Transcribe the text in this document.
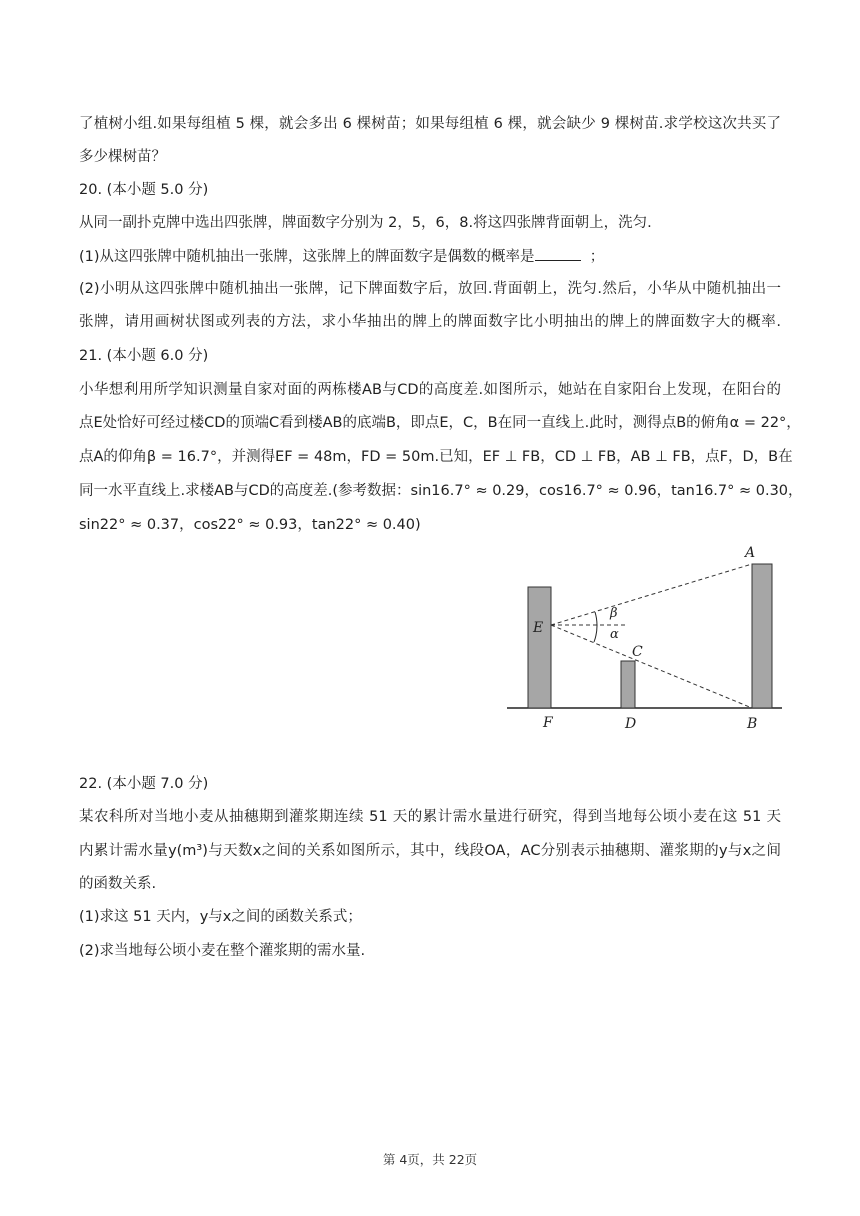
了植树小组.如果每组植 5 棵，就会多出 6 棵树苗；如果每组植 6 棵，就会缺少 9 棵树苗.求学校这次共买了
多少棵树苗？
20. (本小题 5.0 分)
从同一副扑克牌中选出四张牌，牌面数字分别为 2，5，6，8.将这四张牌背面朝上，洗匀.
(1)从这四张牌中随机抽出一张牌，这张牌上的牌面数字是偶数的概率是	；
(2)小明从这四张牌中随机抽出一张牌，记下牌面数字后，放回.背面朝上，洗匀.然后，小华从中随机抽出一
张牌，请用画树状图或列表的方法，求小华抽出的牌上的牌面数字比小明抽出的牌上的牌面数字大的概率.
21. (本小题 6.0 分)
小华想利用所学知识测量自家对面的两栋楼AB与CD的高度差.如图所示，她站在自家阳台上发现，在阳台的
点E处恰好可经过楼CD的顶端C看到楼AB的底端B，即点E，C，B在同一直线上.此时，测得点B的俯角α = 22°，
点A的仰角β = 16.7°，并测得EF = 48m，FD = 50m.已知，EF ⊥ FB，CD ⊥ FB，AB ⊥ FB，点F，D，B在
同一水平直线上.求楼AB与CD的高度差.(参考数据：sin16.7° ≈ 0.29，cos16.7° ≈ 0.96，tan16.7° ≈ 0.30，
sin22° ≈ 0.37，cos22° ≈ 0.93，tan22° ≈ 0.40)
A
B
C
D
E
F
β
α
22. (本小题 7.0 分)
某农科所对当地小麦从抽穗期到灌浆期连续 51 天的累计需水量进行研究，得到当地每公顷小麦在这 51 天
内累计需水量y(m³)与天数x之间的关系如图所示，其中，线段OA，AC分别表示抽穗期、灌浆期的y与x之间
的函数关系.
(1)求这 51 天内，y与x之间的函数关系式；
(2)求当地每公顷小麦在整个灌浆期的需水量.
第 4页，共 22页
